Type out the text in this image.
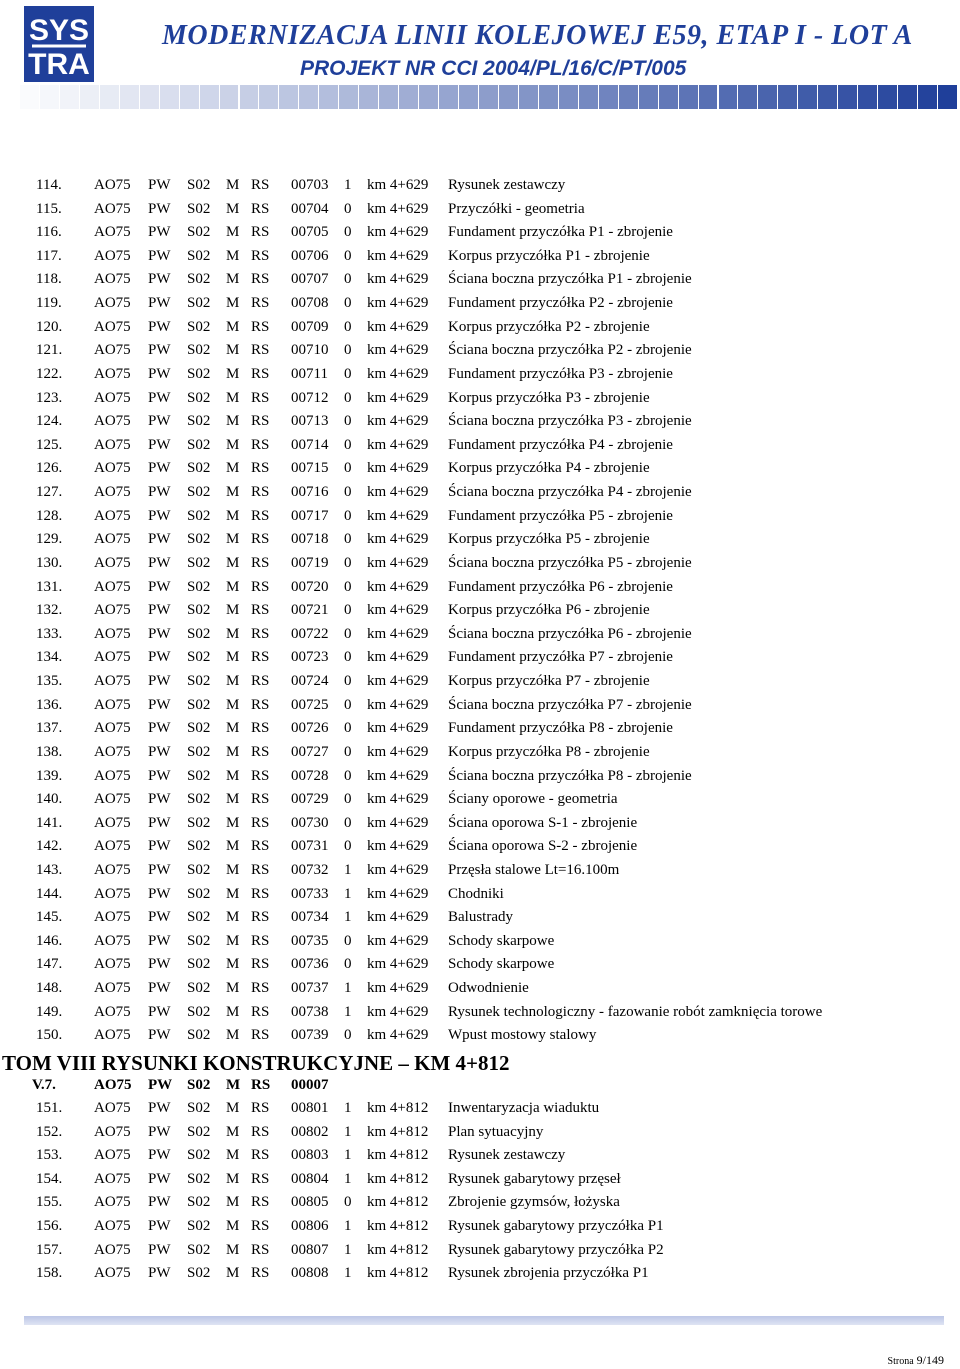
SYS
TRA
MODERNIZACJA LINII KOLEJOWEJ E59, ETAP I - LOT A
PROJEKT NR CCI 2004/PL/16/C/PT/005
114. AO75 PW S02 M RS 00703 1 km 4+629 Rysunek zestawczy
115. AO75 PW S02 M RS 00704 0 km 4+629 Przyczółki - geometria
116. AO75 PW S02 M RS 00705 0 km 4+629 Fundament przyczółka P1 - zbrojenie
117. AO75 PW S02 M RS 00706 0 km 4+629 Korpus przyczółka P1 - zbrojenie
118. AO75 PW S02 M RS 00707 0 km 4+629 Ściana boczna przyczółka P1 - zbrojenie
119. AO75 PW S02 M RS 00708 0 km 4+629 Fundament przyczółka P2 - zbrojenie
120. AO75 PW S02 M RS 00709 0 km 4+629 Korpus przyczółka P2 - zbrojenie
121. AO75 PW S02 M RS 00710 0 km 4+629 Ściana boczna przyczółka P2 - zbrojenie
122. AO75 PW S02 M RS 00711 0 km 4+629 Fundament przyczółka P3 - zbrojenie
123. AO75 PW S02 M RS 00712 0 km 4+629 Korpus przyczółka P3 - zbrojenie
124. AO75 PW S02 M RS 00713 0 km 4+629 Ściana boczna przyczółka P3 - zbrojenie
125. AO75 PW S02 M RS 00714 0 km 4+629 Fundament przyczółka P4 - zbrojenie
126. AO75 PW S02 M RS 00715 0 km 4+629 Korpus przyczółka P4 - zbrojenie
127. AO75 PW S02 M RS 00716 0 km 4+629 Ściana boczna przyczółka P4 - zbrojenie
128. AO75 PW S02 M RS 00717 0 km 4+629 Fundament przyczółka P5 - zbrojenie
129. AO75 PW S02 M RS 00718 0 km 4+629 Korpus przyczółka P5 - zbrojenie
130. AO75 PW S02 M RS 00719 0 km 4+629 Ściana boczna przyczółka P5 - zbrojenie
131. AO75 PW S02 M RS 00720 0 km 4+629 Fundament przyczółka P6 - zbrojenie
132. AO75 PW S02 M RS 00721 0 km 4+629 Korpus przyczółka P6 - zbrojenie
133. AO75 PW S02 M RS 00722 0 km 4+629 Ściana boczna przyczółka P6 - zbrojenie
134. AO75 PW S02 M RS 00723 0 km 4+629 Fundament przyczółka P7 - zbrojenie
135. AO75 PW S02 M RS 00724 0 km 4+629 Korpus przyczółka P7 - zbrojenie
136. AO75 PW S02 M RS 00725 0 km 4+629 Ściana boczna przyczółka P7 - zbrojenie
137. AO75 PW S02 M RS 00726 0 km 4+629 Fundament przyczółka P8 - zbrojenie
138. AO75 PW S02 M RS 00727 0 km 4+629 Korpus przyczółka P8 - zbrojenie
139. AO75 PW S02 M RS 00728 0 km 4+629 Ściana boczna przyczółka P8 - zbrojenie
140. AO75 PW S02 M RS 00729 0 km 4+629 Ściany oporowe - geometria
141. AO75 PW S02 M RS 00730 0 km 4+629 Ściana oporowa S-1 - zbrojenie
142. AO75 PW S02 M RS 00731 0 km 4+629 Ściana oporowa S-2 - zbrojenie
143. AO75 PW S02 M RS 00732 1 km 4+629 Przęsła stalowe Lt=16.100m
144. AO75 PW S02 M RS 00733 1 km 4+629 Chodniki
145. AO75 PW S02 M RS 00734 1 km 4+629 Balustrady
146. AO75 PW S02 M RS 00735 0 km 4+629 Schody skarpowe
147. AO75 PW S02 M RS 00736 0 km 4+629 Schody skarpowe
148. AO75 PW S02 M RS 00737 1 km 4+629 Odwodnienie
149. AO75 PW S02 M RS 00738 1 km 4+629 Rysunek technologiczny - fazowanie robót zamknięcia torowe
150. AO75 PW S02 M RS 00739 0 km 4+629 Wpust mostowy stalowy
TOM VIII RYSUNKI KONSTRUKCYJNE – KM 4+812
V.7.	AO75 PW S02 M RS 00007
151. AO75 PW S02 M RS 00801 1 km 4+812 Inwentaryzacja wiaduktu
152. AO75 PW S02 M RS 00802 1 km 4+812 Plan sytuacyjny
153. AO75 PW S02 M RS 00803 1 km 4+812 Rysunek zestawczy
154. AO75 PW S02 M RS 00804 1 km 4+812 Rysunek gabarytowy przęseł
155. AO75 PW S02 M RS 00805 0 km 4+812 Zbrojenie gzymsów, łożyska
156. AO75 PW S02 M RS 00806 1 km 4+812 Rysunek gabarytowy przyczółka P1
157. AO75 PW S02 M RS 00807 1 km 4+812 Rysunek gabarytowy przyczółka P2
158. AO75 PW S02 M RS 00808 1 km 4+812 Rysunek zbrojenia przyczółka P1
Strona 9/149
